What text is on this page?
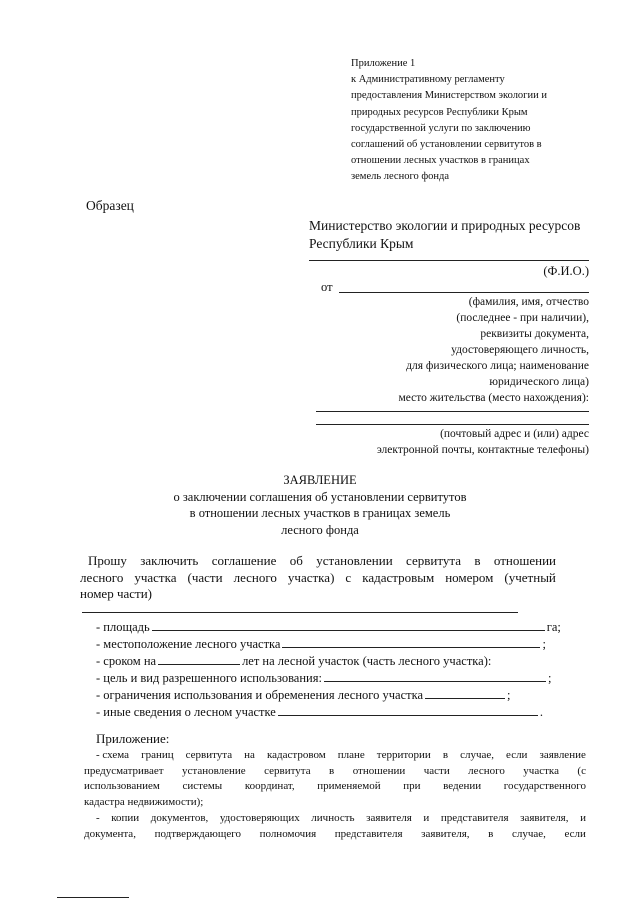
Приложение 1
к Административному регламенту
предоставления Министерством экологии и
природных ресурсов Республики Крым
государственной услуги по заключению
соглашений об установлении сервитутов в
отношении лесных участков в границах
земель лесного фонда
Образец
Министерство экологии и природных ресурсов
Республики Крым
(Ф.И.О.)
от
(фамилия, имя, отчество
(последнее - при наличии),
реквизиты документа,
удостоверяющего личность,
для физического лица; наименование
юридического лица)
место жительства (место нахождения):
(почтовый адрес и (или) адрес
электронной почты, контактные телефоны)
ЗАЯВЛЕНИЕ
о заключении соглашения об установлении сервитутов
в отношении лесных участков в границах земель
лесного фонда
Прошу заключить соглашение об установлении сервитута в отношении
лесного участка (части лесного участка) с кадастровым номером (учетный
номер части)
- площадь	га;
- местоположение лесного участка	;
- сроком на	лет на лесной участок (часть лесного участка):
- цель и вид разрешенного использования:	;
- ограничения использования и обременения лесного участка	;
- иные сведения о лесном участке	.
Приложение:
- схема границ сервитута на кадастровом плане территории в случае, если заявление
предусматривает установление сервитута в отношении части лесного участка (с
использованием системы координат, применяемой при ведении государственного
кадастра недвижимости);
- копии документов, удостоверяющих личность заявителя и представителя заявителя, и
документа, подтверждающего полномочия представителя заявителя, в случае, если
